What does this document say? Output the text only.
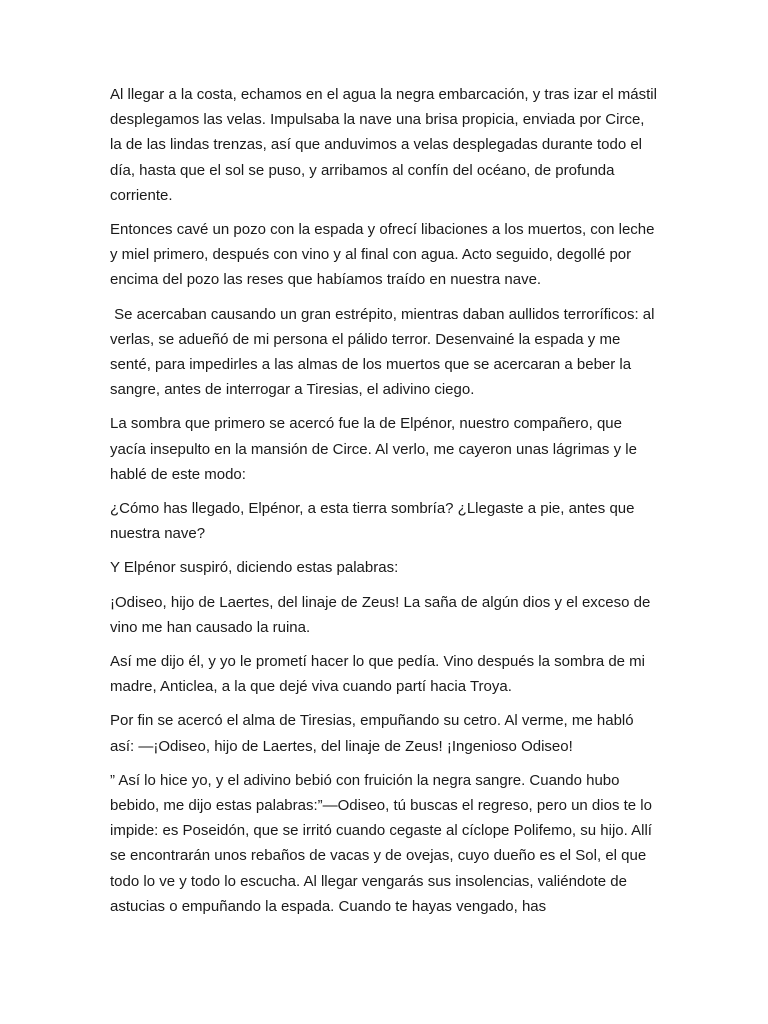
Al llegar a la costa, echamos en el agua la negra embarcación, y tras izar el mástil desplegamos las velas. Impulsaba la nave una brisa propicia, enviada por Circe, la de las lindas trenzas, así que anduvimos a velas desplegadas durante todo el día, hasta que el sol se puso, y arribamos al confín del océano, de profunda corriente.

Entonces cavé un pozo con la espada y ofrecí libaciones a los muertos, con leche y miel primero, después con vino y al final con agua. Acto seguido, degollé por encima del pozo las reses que habíamos traído en nuestra nave.

Se acercaban causando un gran estrépito, mientras daban aullidos terroríficos: al verlas, se adueñó de mi persona el pálido terror. Desenvainé la espada y me senté, para impedirles a las almas de los muertos que se acercaran a beber la sangre, antes de interrogar a Tiresias, el adivino ciego.

La sombra que primero se acercó fue la de Elpénor, nuestro compañero, que yacía insepulto en la mansión de Circe. Al verlo, me cayeron unas lágrimas y le hablé de este modo:

¿Cómo has llegado, Elpénor, a esta tierra sombría? ¿Llegaste a pie, antes que nuestra nave?

Y Elpénor suspiró, diciendo estas palabras:

¡Odiseo, hijo de Laertes, del linaje de Zeus! La saña de algún dios y el exceso de vino me han causado la ruina.

Así me dijo él, y yo le prometí hacer lo que pedía. Vino después la sombra de mi madre, Anticlea, a la que dejé viva cuando partí hacia Troya.

Por fin se acercó el alma de Tiresias, empuñando su cetro. Al verme, me habló así: —¡Odiseo, hijo de Laertes, del linaje de Zeus! ¡Ingenioso Odiseo!

” Así lo hice yo, y el adivino bebió con fruición la negra sangre. Cuando hubo bebido, me dijo estas palabras:”—Odiseo, tú buscas el regreso, pero un dios te lo impide: es Poseidón, que se irritó cuando cegaste al cíclope Polifemo, su hijo. Allí se encontrarán unos rebaños de vacas y de ovejas, cuyo dueño es el Sol, el que todo lo ve y todo lo escucha. Al llegar vengarás sus insolencias, valiéndote de astucias o empuñando la espada. Cuando te hayas vengado, has
